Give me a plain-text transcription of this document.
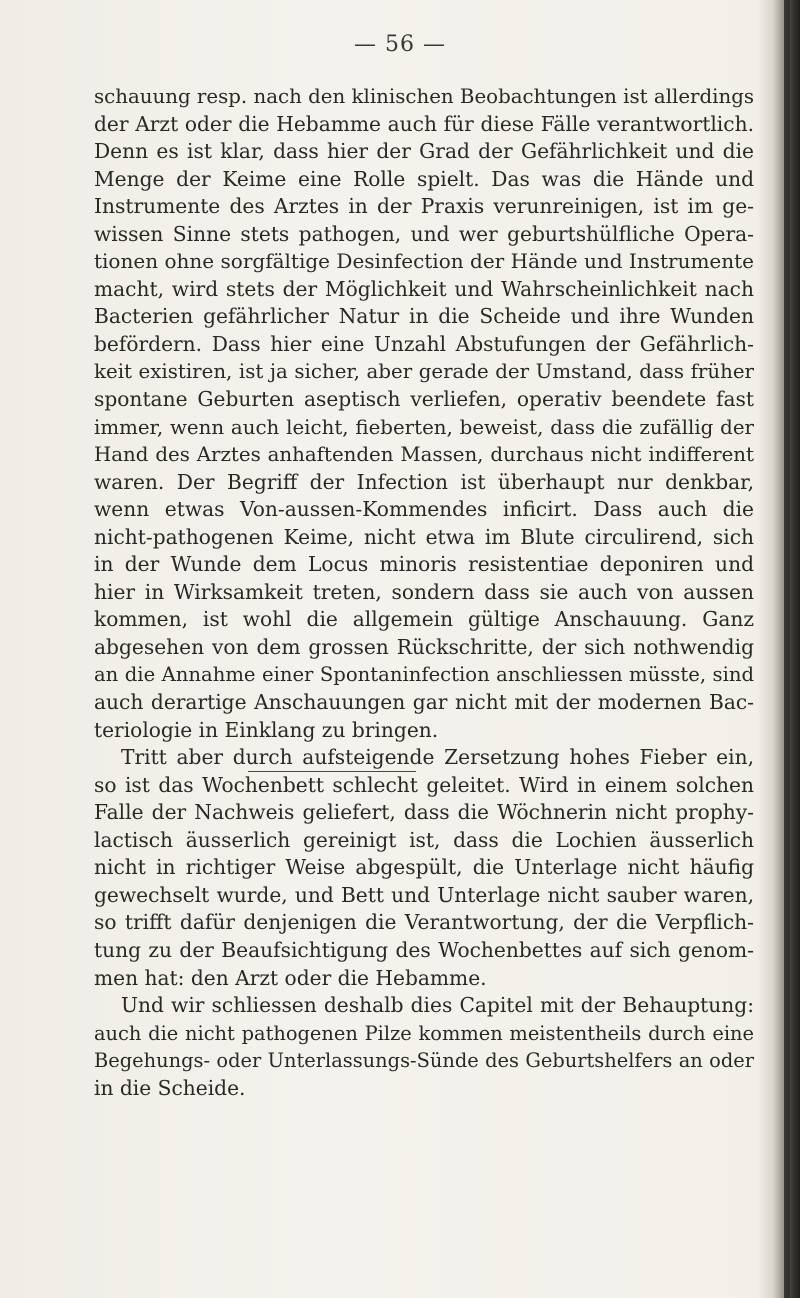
— 56 —
schauung resp. nach den klinischen Beobachtungen ist allerdings
der Arzt oder die Hebamme auch für diese Fälle verantwortlich.
Denn es ist klar, dass hier der Grad der Gefährlichkeit und die
Menge der Keime eine Rolle spielt. Das was die Hände und
Instrumente des Arztes in der Praxis verunreinigen, ist im ge-
wissen Sinne stets pathogen, und wer geburtshülfliche Opera-
tionen ohne sorgfältige Desinfection der Hände und Instrumente
macht, wird stets der Möglichkeit und Wahrscheinlichkeit nach
Bacterien gefährlicher Natur in die Scheide und ihre Wunden
befördern. Dass hier eine Unzahl Abstufungen der Gefährlich-
keit existiren, ist ja sicher, aber gerade der Umstand, dass früher
spontane Geburten aseptisch verliefen, operativ beendete fast
immer, wenn auch leicht, fieberten, beweist, dass die zufällig der
Hand des Arztes anhaftenden Massen, durchaus nicht indifferent
waren. Der Begriff der Infection ist überhaupt nur denkbar,
wenn etwas Von-aussen-Kommendes inficirt. Dass auch die
nicht-pathogenen Keime, nicht etwa im Blute circulirend, sich
in der Wunde dem Locus minoris resistentiae deponiren und
hier in Wirksamkeit treten, sondern dass sie auch von aussen
kommen, ist wohl die allgemein gültige Anschauung. Ganz
abgesehen von dem grossen Rückschritte, der sich nothwendig
an die Annahme einer Spontaninfection anschliessen müsste, sind
auch derartige Anschauungen gar nicht mit der modernen Bac-
teriologie in Einklang zu bringen.
Tritt aber durch aufsteigende Zersetzung hohes Fieber ein,
so ist das Wochenbett schlecht geleitet. Wird in einem solchen
Falle der Nachweis geliefert, dass die Wöchnerin nicht prophy-
lactisch äusserlich gereinigt ist, dass die Lochien äusserlich
nicht in richtiger Weise abgespült, die Unterlage nicht häufig
gewechselt wurde, und Bett und Unterlage nicht sauber waren,
so trifft dafür denjenigen die Verantwortung, der die Verpflich-
tung zu der Beaufsichtigung des Wochenbettes auf sich genom-
men hat: den Arzt oder die Hebamme.
Und wir schliessen deshalb dies Capitel mit der Behauptung:
auch die nicht pathogenen Pilze kommen meistentheils durch eine
Begehungs- oder Unterlassungs-Sünde des Geburtshelfers an oder
in die Scheide.
